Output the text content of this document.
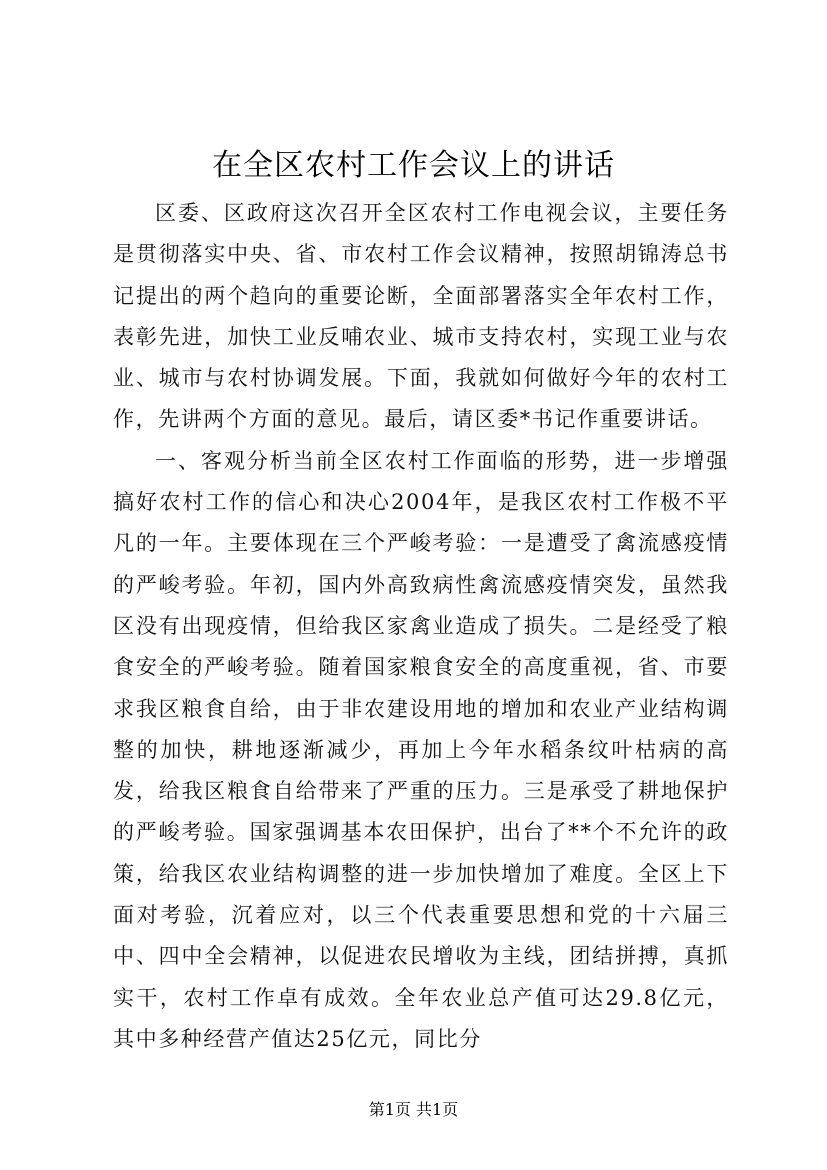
在全区农村工作会议上的讲话

区委、区政府这次召开全区农村工作电视会议，主要任务是贯彻落实中央、省、市农村工作会议精神，按照胡锦涛总书记提出的两个趋向的重要论断，全面部署落实全年农村工作，表彰先进，加快工业反哺农业、城市支持农村，实现工业与农业、城市与农村协调发展。下面，我就如何做好今年的农村工作，先讲两个方面的意见。最后，请区委*书记作重要讲话。

一、客观分析当前全区农村工作面临的形势，进一步增强搞好农村工作的信心和决心2004年，是我区农村工作极不平凡的一年。主要体现在三个严峻考验：一是遭受了禽流感疫情的严峻考验。年初，国内外高致病性禽流感疫情突发，虽然我区没有出现疫情，但给我区家禽业造成了损失。二是经受了粮食安全的严峻考验。随着国家粮食安全的高度重视，省、市要求我区粮食自给，由于非农建设用地的增加和农业产业结构调整的加快，耕地逐渐减少，再加上今年水稻条纹叶枯病的高发，给我区粮食自给带来了严重的压力。三是承受了耕地保护的严峻考验。国家强调基本农田保护，出台了**个不允许的政策，给我区农业结构调整的进一步加快增加了难度。全区上下面对考验，沉着应对，以三个代表重要思想和党的十六届三中、四中全会精神，以促进农民增收为主线，团结拼搏，真抓实干，农村工作卓有成效。全年农业总产值可达29.8亿元，其中多种经营产值达25亿元，同比分

第1页 共1页
